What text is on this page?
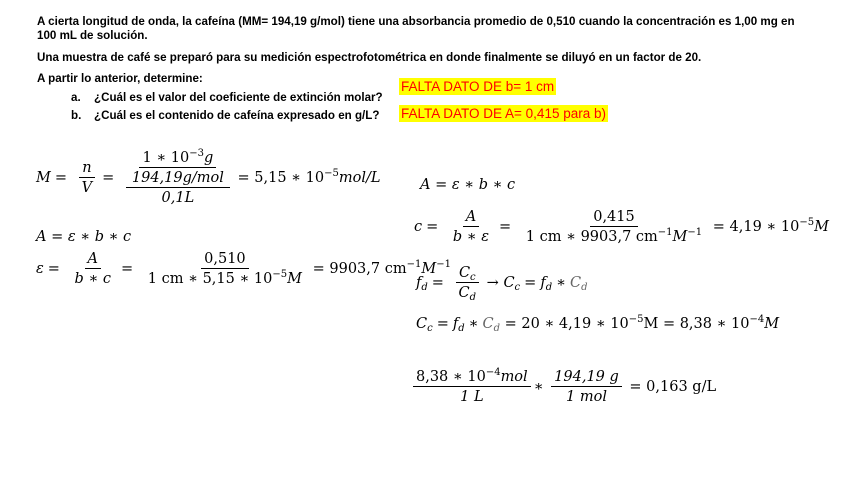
A cierta longitud de onda, la cafeína (MM= 194,19 g/mol) tiene una absorbancia promedio de 0,510 cuando la concentración es 1,00 mg en
100 mL de solución.
Una muestra de café se preparó para su medición espectrofotométrica en donde finalmente se diluyó en un factor de 20.
A partir lo anterior, determine:
a. ¿Cuál es el valor del coeficiente de extinción molar?
b. ¿Cuál es el contenido de cafeína expresado en g/L?
FALTA DATO DE b= 1 cm
FALTA DATO DE A= 0,415 para b)
$M = \frac{n}{V} = \frac{\frac{1 ∗ 10^{-3}g}{\text{194,19g/mol}}}{0,1L} = 5,15$ ∗ $10^{-5}mol/L$
A = ε ∗ b ∗ c
$\varepsilon = \frac{A}{b ∗ c} = \frac{0,510}{1 cm ∗ 5,15 ∗ 10^{-5}M} = 9903,7$ $cm^{-1}M^{-1}$
A = ε ∗ b ∗ c
$c = \frac{A}{b ∗ \varepsilon} = \frac{0,415}{1 cm ∗ 9903,7 cm^{-1}M^{-1}} = 4,19$ ∗ $10^{-5}M$
$f_d = \frac{C_c}{C_d} \to C_c = f_d$ ∗ $C_d$
$C_c = f_d$ ∗ $C_d = 20$ ∗ 4,19 ∗ $10^{-5}M = 8,38$ ∗ $10^{-4}M$
$\frac{8,38 ∗ 10^{-4}mol}{1 L}$ ∗ $\frac{194,19 g}{\text{1 mol}} = 0,163$ g/L
